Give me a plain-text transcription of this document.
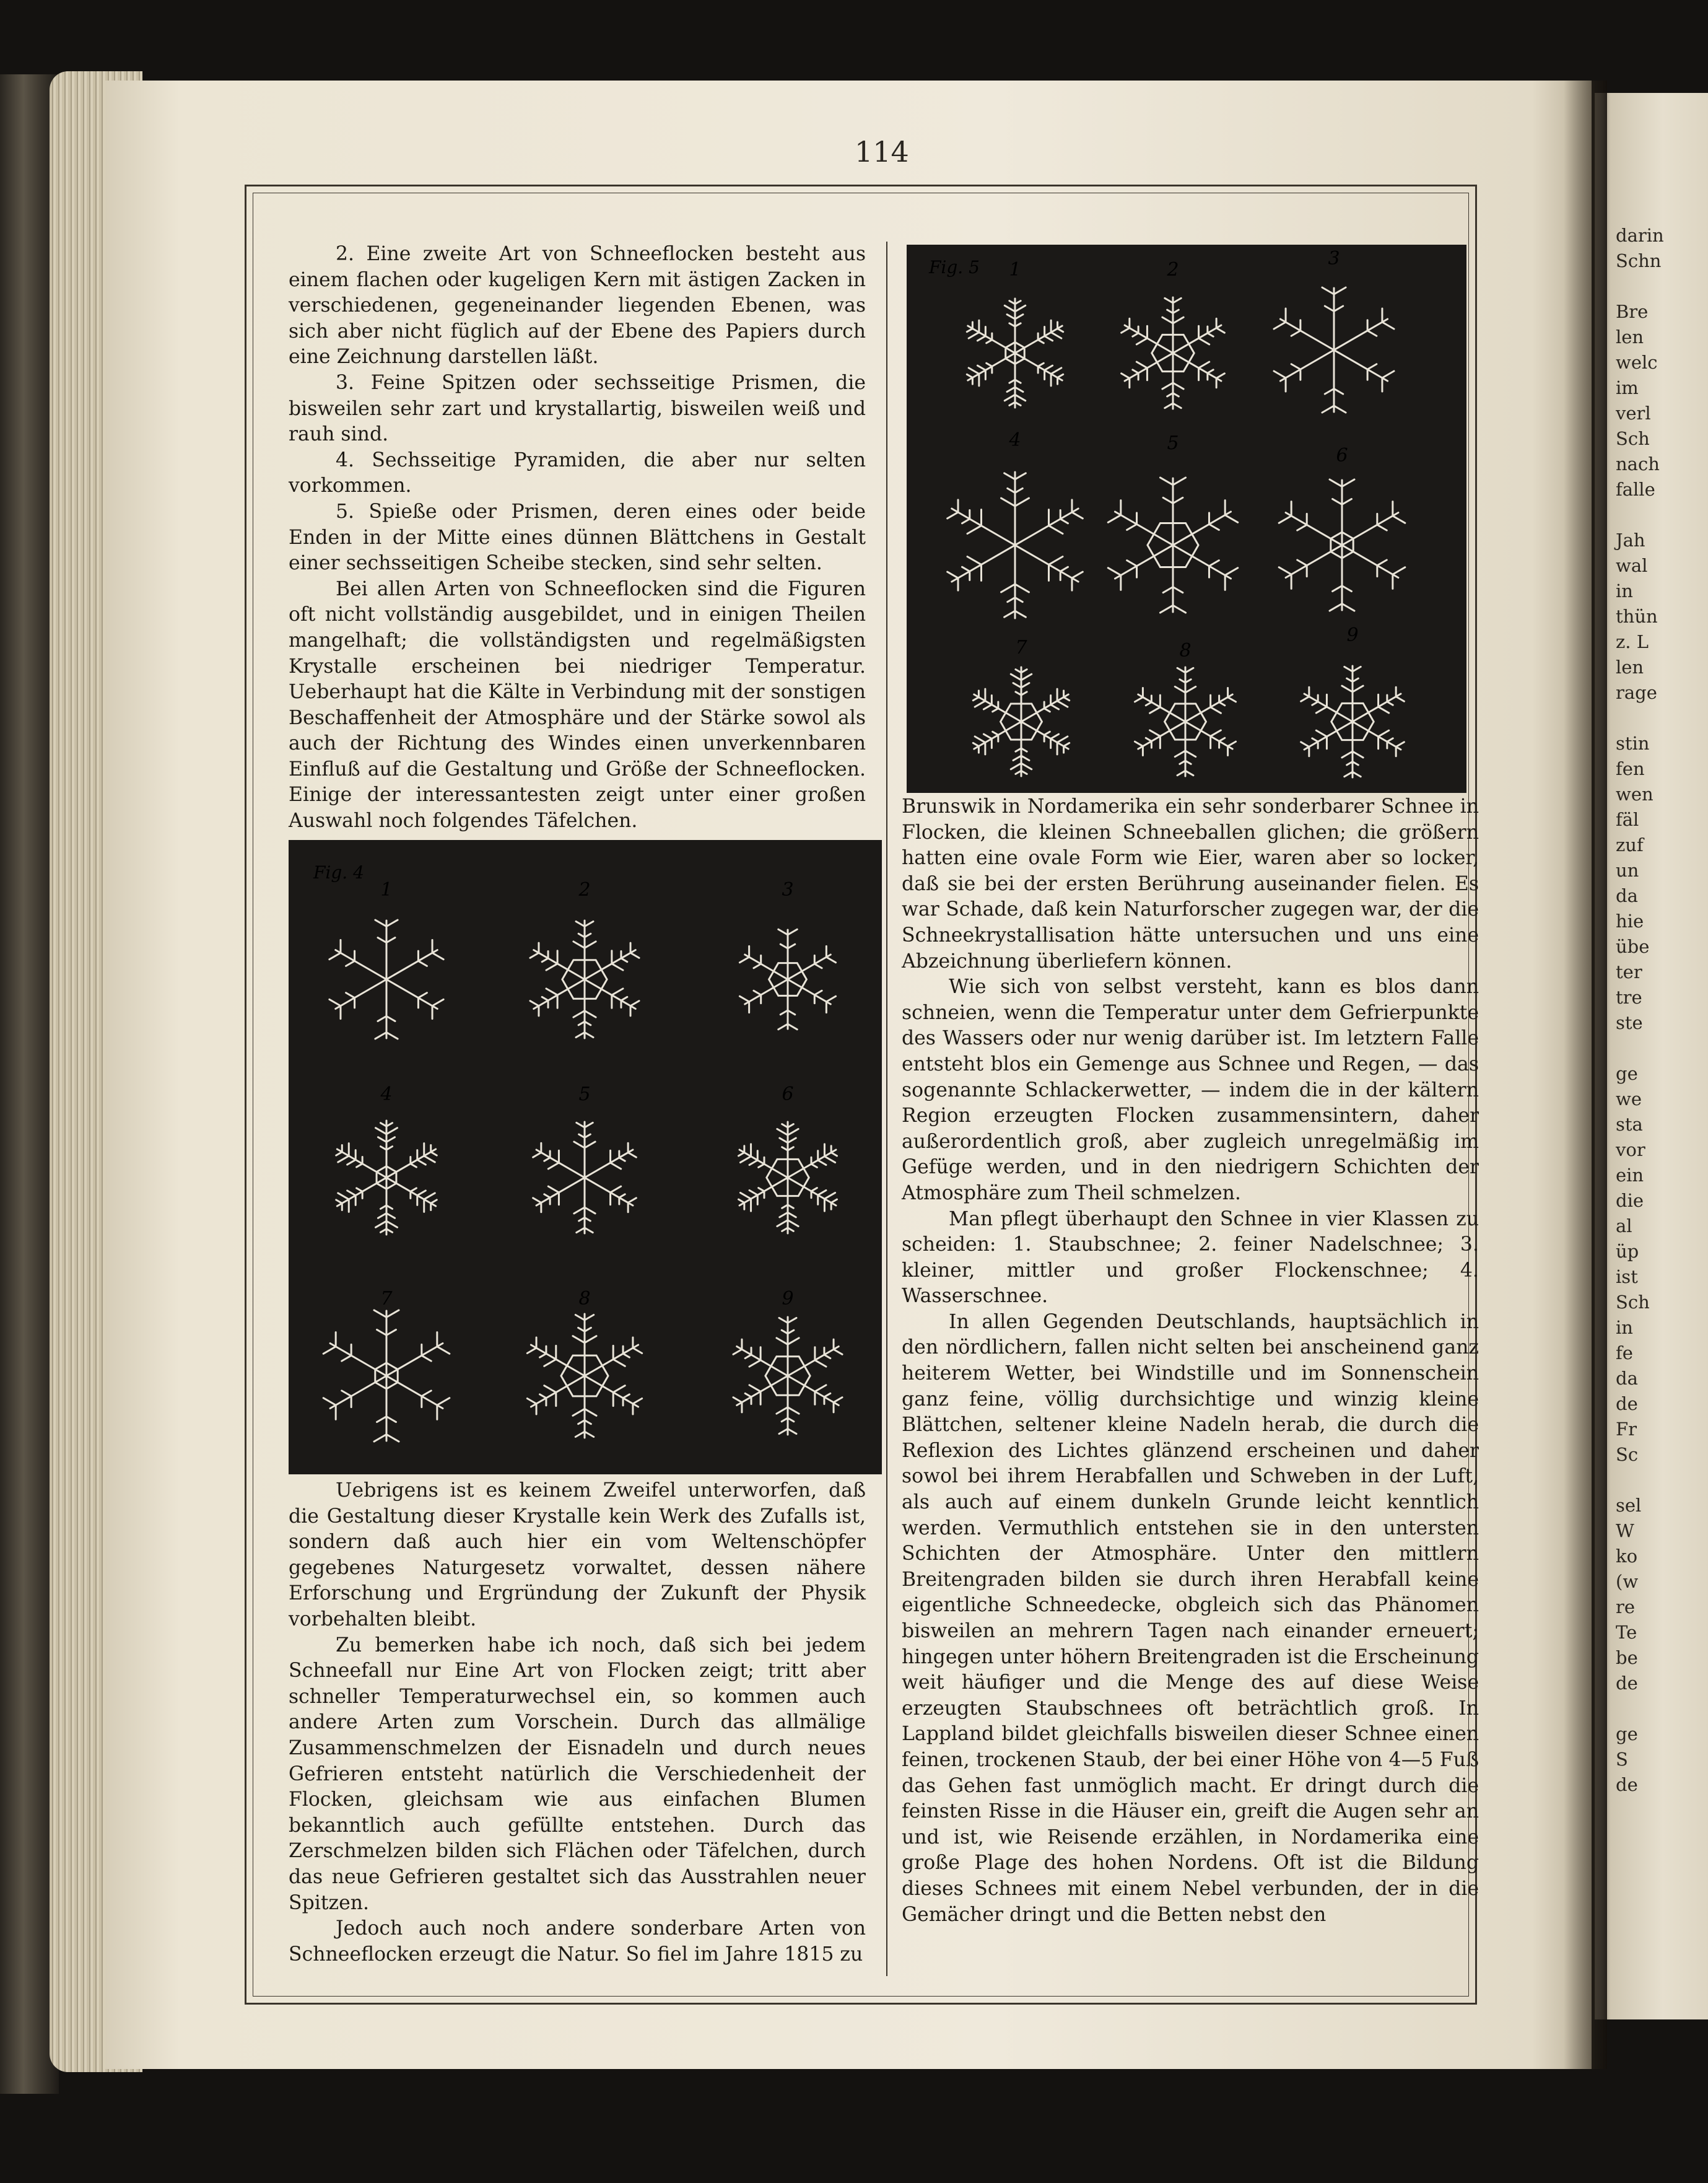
darin
Schn

Bre
len
welc
im
verl
Sch
nach
falle

Jah
wal
in
thün
z. L
len
rage

stin
fen
wen
fäl
zuf
un
da
hie
übe
ter
tre
ste

ge
we
sta
vor
ein
die
al
üp
ist
Sch
in
fe
da
de
Fr
Sc

sel
W
ko
(w
re
Te
be
de

ge
S
de
114

2. Eine zweite Art von Schneeflocken besteht aus einem flachen oder kugeligen Kern mit ästigen Zacken in verschiedenen, gegeneinander liegenden Ebenen, was sich aber nicht füglich auf der Ebene des Papiers durch eine Zeichnung darstellen läßt.

3. Feine Spitzen oder sechsseitige Prismen, die bisweilen sehr zart und krystallartig, bisweilen weiß und rauh sind.

4. Sechsseitige Pyramiden, die aber nur selten vorkommen.

5. Spieße oder Prismen, deren eines oder beide Enden in der Mitte eines dünnen Blättchens in Gestalt einer sechsseitigen Scheibe stecken, sind sehr selten.

Bei allen Arten von Schneeflocken sind die Figuren oft nicht vollständig ausgebildet, und in einigen Theilen mangelhaft; die vollständigsten und regelmäßigsten Krystalle erscheinen bei niedriger Temperatur. Ueberhaupt hat die Kälte in Verbindung mit der sonstigen Beschaffenheit der Atmosphäre und der Stärke sowol als auch der Richtung des Windes einen unverkennbaren Einfluß auf die Gestaltung und Größe der Schneeflocken. Einige der interessantesten zeigt unter einer großen Auswahl noch folgendes Täfelchen.

Fig. 4
1	2	3
4	5	6
7	8	9

Uebrigens ist es keinem Zweifel unterworfen, daß die Gestaltung dieser Krystalle kein Werk des Zufalls ist, sondern daß auch hier ein vom Weltenschöpfer gegebenes Naturgesetz vorwaltet, dessen nähere Erforschung und Ergründung der Zukunft der Physik vorbehalten bleibt.

Zu bemerken habe ich noch, daß sich bei jedem Schneefall nur Eine Art von Flocken zeigt; tritt aber schneller Temperaturwechsel ein, so kommen auch andere Arten zum Vorschein. Durch das allmälige Zusammenschmelzen der Eisnadeln und durch neues Gefrieren entsteht natürlich die Verschiedenheit der Flocken, gleichsam wie aus einfachen Blumen bekanntlich auch gefüllte entstehen. Durch das Zerschmelzen bilden sich Flächen oder Täfelchen, durch das neue Gefrieren gestaltet sich das Ausstrahlen neuer Spitzen.

Jedoch auch noch andere sonderbare Arten von Schneeflocken erzeugt die Natur. So fiel im Jahre 1815 zu

Fig. 5 1	2
3
4	5
6
7	8
9

Brunswik in Nordamerika ein sehr sonderbarer Schnee in Flocken, die kleinen Schneeballen glichen; die größern hatten eine ovale Form wie Eier, waren aber so locker, daß sie bei der ersten Berührung auseinander fielen. Es war Schade, daß kein Naturforscher zugegen war, der die Schneekrystallisation hätte untersuchen und uns eine Abzeichnung überliefern können.

Wie sich von selbst versteht, kann es blos dann schneien, wenn die Temperatur unter dem Gefrierpunkte des Wassers oder nur wenig darüber ist. Im letztern Falle entsteht blos ein Gemenge aus Schnee und Regen, — das sogenannte Schlackerwetter, — indem die in der kältern Region erzeugten Flocken zusammensintern, daher außerordentlich groß, aber zugleich unregelmäßig im Gefüge werden, und in den niedrigern Schichten der Atmosphäre zum Theil schmelzen.

Man pflegt überhaupt den Schnee in vier Klassen zu scheiden: 1. Staubschnee; 2. feiner Nadelschnee; 3. kleiner, mittler und großer Flockenschnee; 4. Wasserschnee.

In allen Gegenden Deutschlands, hauptsächlich in den nördlichern, fallen nicht selten bei anscheinend ganz heiterem Wetter, bei Windstille und im Sonnenschein ganz feine, völlig durchsichtige und winzig kleine Blättchen, seltener kleine Nadeln herab, die durch die Reflexion des Lichtes glänzend erscheinen und daher sowol bei ihrem Herabfallen und Schweben in der Luft, als auch auf einem dunkeln Grunde leicht kenntlich werden. Vermuthlich entstehen sie in den untersten Schichten der Atmosphäre. Unter den mittlern Breitengraden bilden sie durch ihren Herabfall keine eigentliche Schneedecke, obgleich sich das Phänomen bisweilen an mehrern Tagen nach einander erneuert; hingegen unter höhern Breitengraden ist die Erscheinung weit häufiger und die Menge des auf diese Weise erzeugten Staubschnees oft beträchtlich groß. In Lappland bildet gleichfalls bisweilen dieser Schnee einen feinen, trockenen Staub, der bei einer Höhe von 4—5 Fuß das Gehen fast unmöglich macht. Er dringt durch die feinsten Risse in die Häuser ein, greift die Augen sehr an und ist, wie Reisende erzählen, in Nordamerika eine große Plage des hohen Nordens. Oft ist die Bildung dieses Schnees mit einem Nebel verbunden, der in die Gemächer dringt und die Betten nebst den
